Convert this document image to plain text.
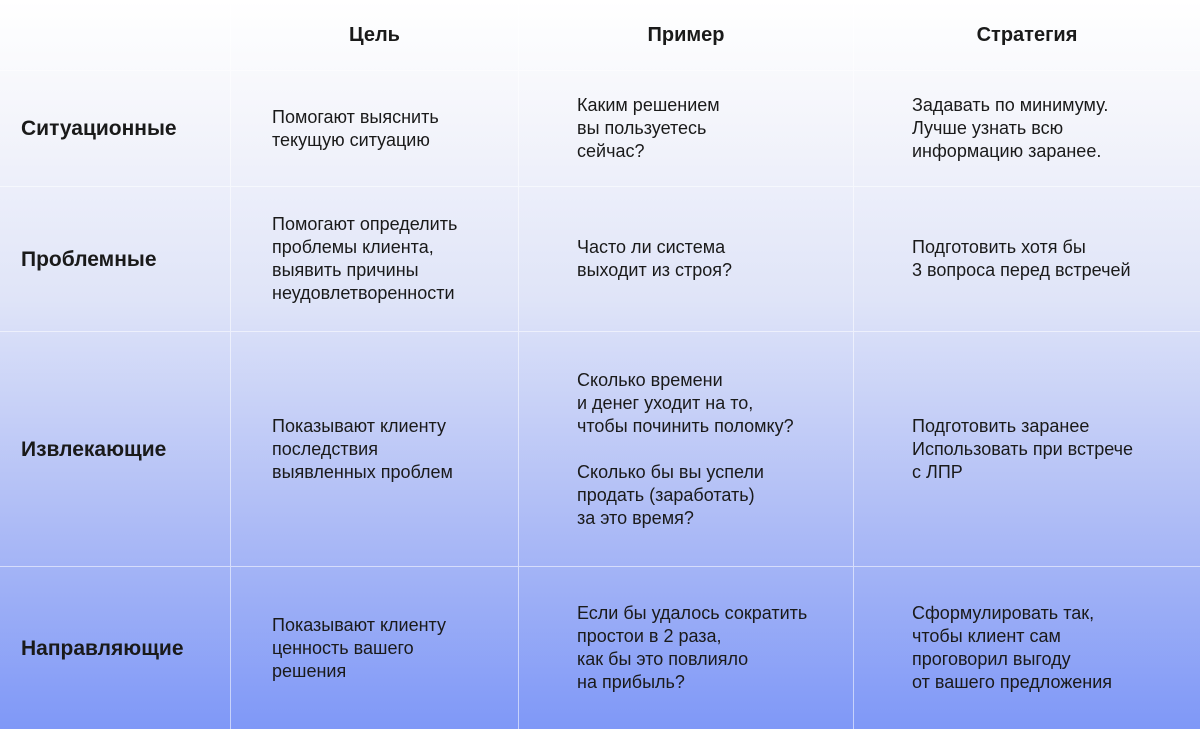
Цель	Пример	Стратегия
Ситуационные
Помогают выяснить
текущую ситуацию

Каким решением
вы пользуетесь
сейчас?

Задавать по минимуму.
Лучше узнать всю
информацию заранее.
Проблемные
Помогают определить
проблемы клиента,
выявить причины
неудовлетворенности

Часто ли система
выходит из строя?

Подготовить хотя бы
3 вопроса перед встречей
Извлекающие
Показывают клиенту
последствия
выявленных проблем

Сколько времени
и денег уходит на то,
чтобы починить поломку?

Сколько бы вы успели
продать (заработать)
за это время?

Подготовить заранее
Использовать при встрече
с ЛПР
Направляющие
Показывают клиенту
ценность вашего
решения

Если бы удалось сократить
простои в 2 раза,
как бы это повлияло
на прибыль?

Сформулировать так,
чтобы клиент сам
проговорил выгоду
от вашего предложения
